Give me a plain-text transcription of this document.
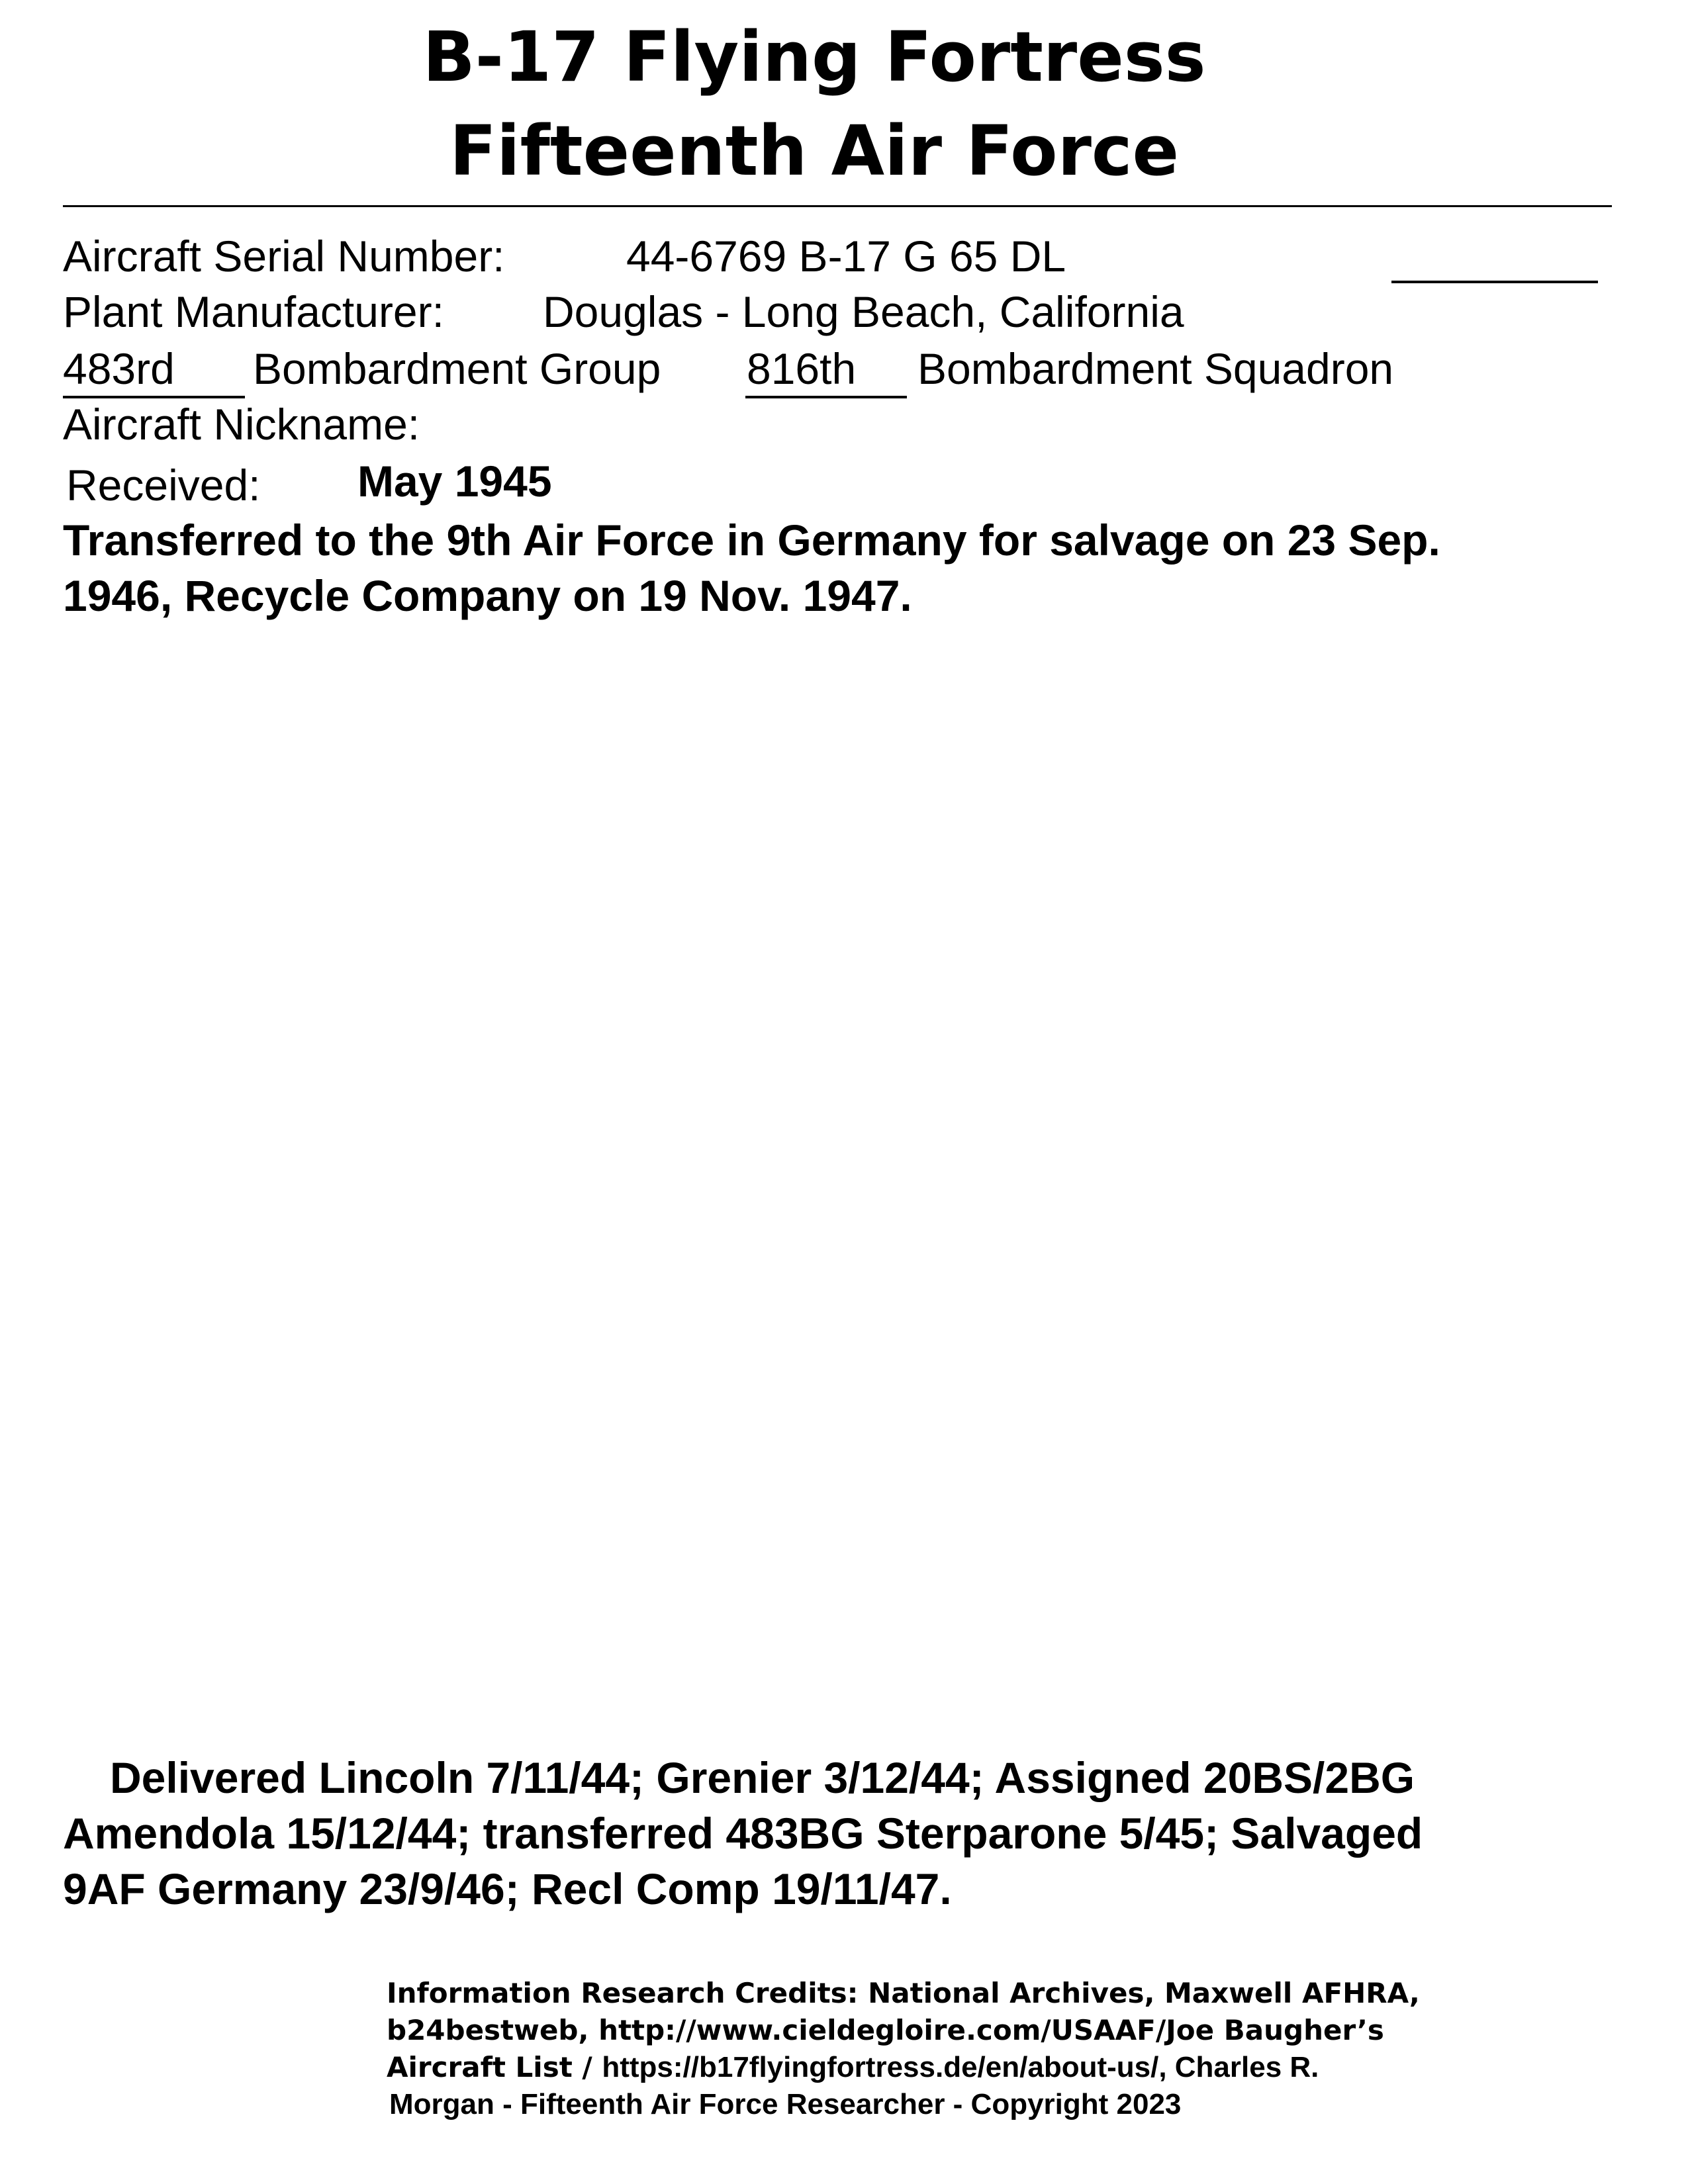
B-17 Flying Fortress
Fifteenth Air Force
Aircraft Serial Number:	44-6769 B-17 G 65 DL
Plant Manufacturer: Douglas - Long Beach, California
483rd Bombardment Group 816th Bombardment Squadron
Aircraft Nickname:
Received: May 1945
Transferred to the 9th Air Force in Germany for salvage on 23 Sep.
1946, Recycle Company on 19 Nov. 1947.
Delivered Lincoln 7/11/44; Grenier 3/12/44; Assigned 20BS/2BG
Amendola 15/12/44; transferred 483BG Sterparone 5/45; Salvaged
9AF Germany 23/9/46; Recl Comp 19/11/47.
Information Research Credits: National Archives, Maxwell AFHRA,
b24bestweb, http://www.cieldegloire.com/USAAF/Joe Baugher’s
Aircraft List / https://b17flyingfortress.de/en/about-us/, Charles R.
Morgan - Fifteenth Air Force Researcher - Copyright 2023
